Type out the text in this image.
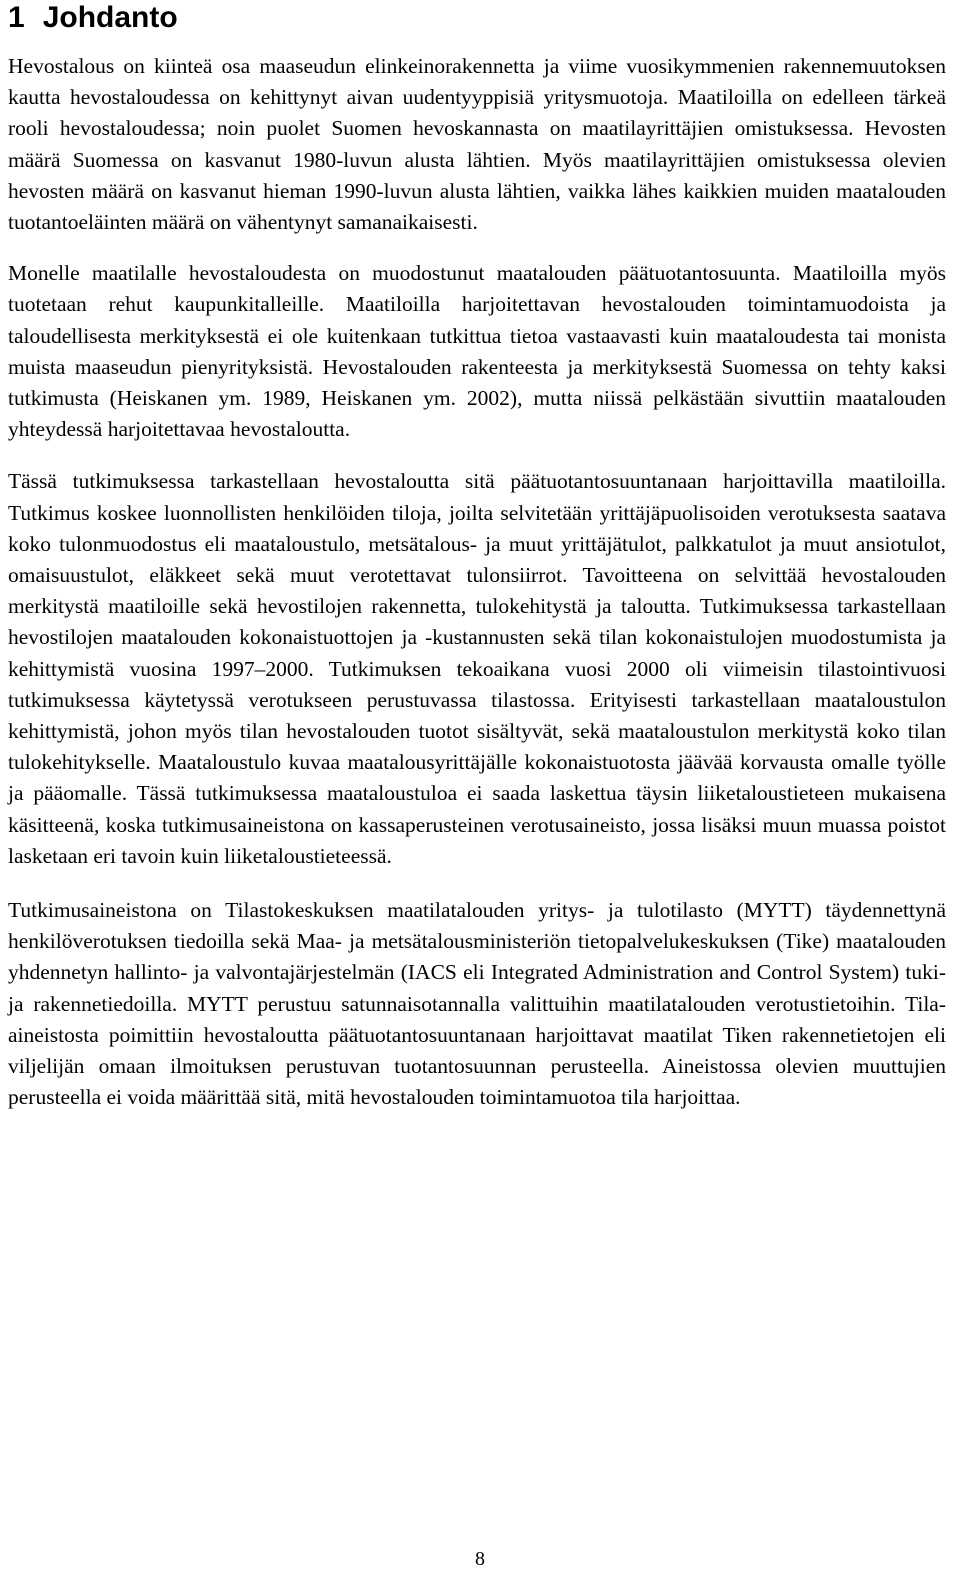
1 Johdanto

Hevostalous on kiinteä osa maaseudun elinkeinorakennetta ja viime vuosikymmenien rakennemuutoksen kautta hevostaloudessa on kehittynyt aivan uudentyyppisiä yritysmuotoja. Maatiloilla on edelleen tärkeä rooli hevostaloudessa; noin puolet Suomen hevoskannasta on maatilayrittäjien omistuksessa. Hevosten määrä Suomessa on kasvanut 1980-luvun alusta lähtien. Myös maatilayrittäjien omistuksessa olevien hevosten määrä on kasvanut hieman 1990-luvun alusta lähtien, vaikka lähes kaikkien muiden maatalouden tuotantoeläinten määrä on vähentynyt samanaikaisesti.

Monelle maatilalle hevostaloudesta on muodostunut maatalouden päätuotantosuunta. Maatiloilla myös tuotetaan rehut kaupunkitalleille. Maatiloilla harjoitettavan hevostalouden toimintamuodoista ja taloudellisesta merkityksestä ei ole kuitenkaan tutkittua tietoa vastaavasti kuin maataloudesta tai monista muista maaseudun pienyrityksistä. Hevostalouden rakenteesta ja merkityksestä Suomessa on tehty kaksi tutkimusta (Heiskanen ym. 1989, Heiskanen ym. 2002), mutta niissä pelkästään sivuttiin maatalouden yhteydessä harjoitettavaa hevostaloutta.

Tässä tutkimuksessa tarkastellaan hevostaloutta sitä päätuotantosuuntanaan harjoittavilla maatiloilla. Tutkimus koskee luonnollisten henkilöiden tiloja, joilta selvitetään yrittäjäpuolisoiden verotuksesta saatava koko tulonmuodostus eli maataloustulo, metsätalous- ja muut yrittäjätulot, palkkatulot ja muut ansiotulot, omaisuustulot, eläkkeet sekä muut verotettavat tulonsiirrot. Tavoitteena on selvittää hevostalouden merkitystä maatiloille sekä hevostilojen rakennetta, tulokehitystä ja taloutta. Tutkimuksessa tarkastellaan hevostilojen maatalouden kokonaistuottojen ja -kustannusten sekä tilan kokonaistulojen muodostumista ja kehittymistä vuosina 1997–2000. Tutkimuksen tekoaikana vuosi 2000 oli viimeisin tilastointivuosi tutkimuksessa käytetyssä verotukseen perustuvassa tilastossa. Erityisesti tarkastellaan maataloustulon kehittymistä, johon myös tilan hevostalouden tuotot sisältyvät, sekä maataloustulon merkitystä koko tilan tulokehitykselle. Maataloustulo kuvaa maatalousyrittäjälle kokonaistuotosta jäävää korvausta omalle työlle ja pääomalle. Tässä tutkimuksessa maataloustuloa ei saada laskettua täysin liiketaloustieteen mukaisena käsitteenä, koska tutkimusaineistona on kassaperusteinen verotusaineisto, jossa lisäksi muun muassa poistot lasketaan eri tavoin kuin liiketaloustieteessä.

Tutkimusaineistona on Tilastokeskuksen maatilatalouden yritys- ja tulotilasto (MYTT) täydennettynä henkilöverotuksen tiedoilla sekä Maa- ja metsätalousministeriön tietopalvelukeskuksen (Tike) maatalouden yhdennetyn hallinto- ja valvontajärjestelmän (IACS eli Integrated Administration and Control System) tuki- ja rakennetiedoilla. MYTT perustuu satunnaisotannalla valittuihin maatilatalouden verotustietoihin. Tila-aineistosta poimittiin hevostaloutta päätuotantosuuntanaan harjoittavat maatilat Tiken rakennetietojen eli viljelijän omaan ilmoituksen perustuvan tuotantosuunnan perusteella. Aineistossa olevien muuttujien perusteella ei voida määrittää sitä, mitä hevostalouden toimintamuotoa tila harjoittaa.

8
